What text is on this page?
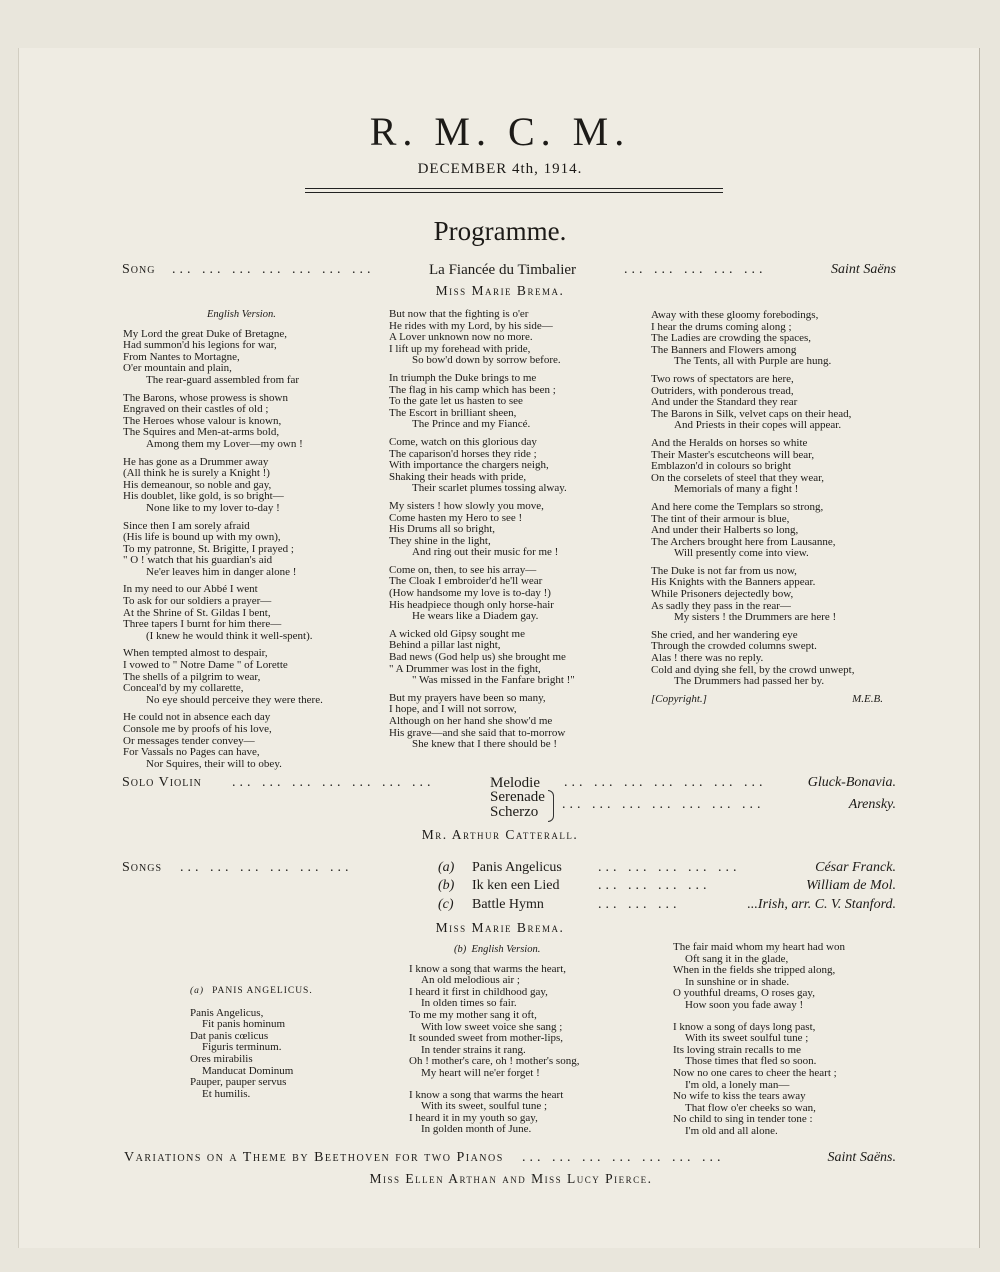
R. M. C. M.
DECEMBER 4th, 1914.
Programme.
Song ... ... ... ... ... ... ...	La Fiancée du Timbalier	... ... ... ... ...	Saint Saëns
Miss Marie Brema.
English Version.
My Lord the great Duke of Bretagne,
Had summon'd his legions for war,
From Nantes to Mortagne,
O'er mountain and plain,
The rear-guard assembled from far
The Barons, whose prowess is shown
Engraved on their castles of old ;
The Heroes whose valour is known,
The Squires and Men-at-arms bold,
Among them my Lover—my own !
He has gone as a Drummer away
(All think he is surely a Knight !)
His demeanour, so noble and gay,
His doublet, like gold, is so bright—
None like to my lover to-day !
Since then I am sorely afraid
(His life is bound up with my own),
To my patronne, St. Brigitte, I prayed ;
" O ! watch that his guardian's aid
Ne'er leaves him in danger alone !
In my need to our Abbé I went
To ask for our soldiers a prayer—
At the Shrine of St. Gildas I bent,
Three tapers I burnt for him there—
(I knew he would think it well-spent).
When tempted almost to despair,
I vowed to " Notre Dame " of Lorette
The shells of a pilgrim to wear,
Conceal'd by my collarette,
No eye should perceive they were there.
He could not in absence each day
Console me by proofs of his love,
Or messages tender convey—
For Vassals no Pages can have,
Nor Squires, their will to obey.
But now that the fighting is o'er
He rides with my Lord, by his side—
A Lover unknown now no more.
I lift up my forehead with pride,
So bow'd down by sorrow before.
In triumph the Duke brings to me
The flag in his camp which has been ;
To the gate let us hasten to see
The Escort in brilliant sheen,
The Prince and my Fiancé.
Come, watch on this glorious day
The caparison'd horses they ride ;
With importance the chargers neigh,
Shaking their heads with pride,
Their scarlet plumes tossing alway.
My sisters ! how slowly you move,
Come hasten my Hero to see !
His Drums all so bright,
They shine in the light,
And ring out their music for me !
Come on, then, to see his array—
The Cloak I embroider'd he'll wear
(How handsome my love is to-day !)
His headpiece though only horse-hair
He wears like a Diadem gay.
A wicked old Gipsy sought me
Behind a pillar last night,
Bad news (God help us) she brought me
" A Drummer was lost in the fight,
" Was missed in the Fanfare bright !"
But my prayers have been so many,
I hope, and I will not sorrow,
Although on her hand she show'd me
His grave—and she said that to-morrow
She knew that I there should be !
Away with these gloomy forebodings,
I hear the drums coming along ;
The Ladies are crowding the spaces,
The Banners and Flowers among
The Tents, all with Purple are hung.
Two rows of spectators are here,
Outriders, with ponderous tread,
And under the Standard they rear
The Barons in Silk, velvet caps on their head,
And Priests in their copes will appear.
And the Heralds on horses so white
Their Master's escutcheons will bear,
Emblazon'd in colours so bright
On the corselets of steel that they wear,
Memorials of many a fight !
And here come the Templars so strong,
The tint of their armour is blue,
And under their Halberts so long,
The Archers brought here from Lausanne,
Will presently come into view.
The Duke is not far from us now,
His Knights with the Banners appear.
While Prisoners dejectedly bow,
As sadly they pass in the rear—
My sisters ! the Drummers are here !
She cried, and her wandering eye
Through the crowded columns swept.
Alas ! there was no reply.
Cold and dying she fell, by the crowd unwept,
The Drummers had passed her by.
[Copyright.]	M.E.B.
Solo Violin ... ... ... ... ... ... ...	Melodie ... ... ... ... ... ... ...	Gluck-Bonavia.
Serenade ... ... ... ... ... ... ...	Arensky.
Scherzo
Mr. Arthur Catterall.
Songs ... ... ... ... ... ...	(a) Panis Angelicus	... ... ... ... ...	César Franck.
(b) Ik ken een Lied	... ... ... ...	William de Mol.
(c) Battle Hymn	... ... ...	...Irish, arr. C. V. Stanford.
Miss Marie Brema.
(a) PANIS ANGELICUS.
Panis Angelicus,
Fit panis hominum
Dat panis cœlicus
Figuris terminum.
Ores mirabilis
Manducat Dominum
Pauper, pauper servus
Et humilis.
(b) English Version.
I know a song that warms the heart,
An old melodious air ;
I heard it first in childhood gay,
In olden times so fair.
To me my mother sang it oft,
With low sweet voice she sang ;
It sounded sweet from mother-lips,
In tender strains it rang.
Oh ! mother's care, oh ! mother's song,
My heart will ne'er forget !
I know a song that warms the heart
With its sweet, soulful tune ;
I heard it in my youth so gay,
In golden month of June.
The fair maid whom my heart had won
Oft sang it in the glade,
When in the fields she tripped along,
In sunshine or in shade.
O youthful dreams, O roses gay,
How soon you fade away !
I know a song of days long past,
With its sweet soulful tune ;
Its loving strain recalls to me
Those times that fled so soon.
Now no one cares to cheer the heart ;
I'm old, a lonely man—
No wife to kiss the tears away
That flow o'er cheeks so wan,
No child to sing in tender tone :
I'm old and all alone.
Variations on a Theme by Beethoven for two Pianos ... ... ... ... ... ... ...	Saint Saëns.
Miss Ellen Arthan and Miss Lucy Pierce.
